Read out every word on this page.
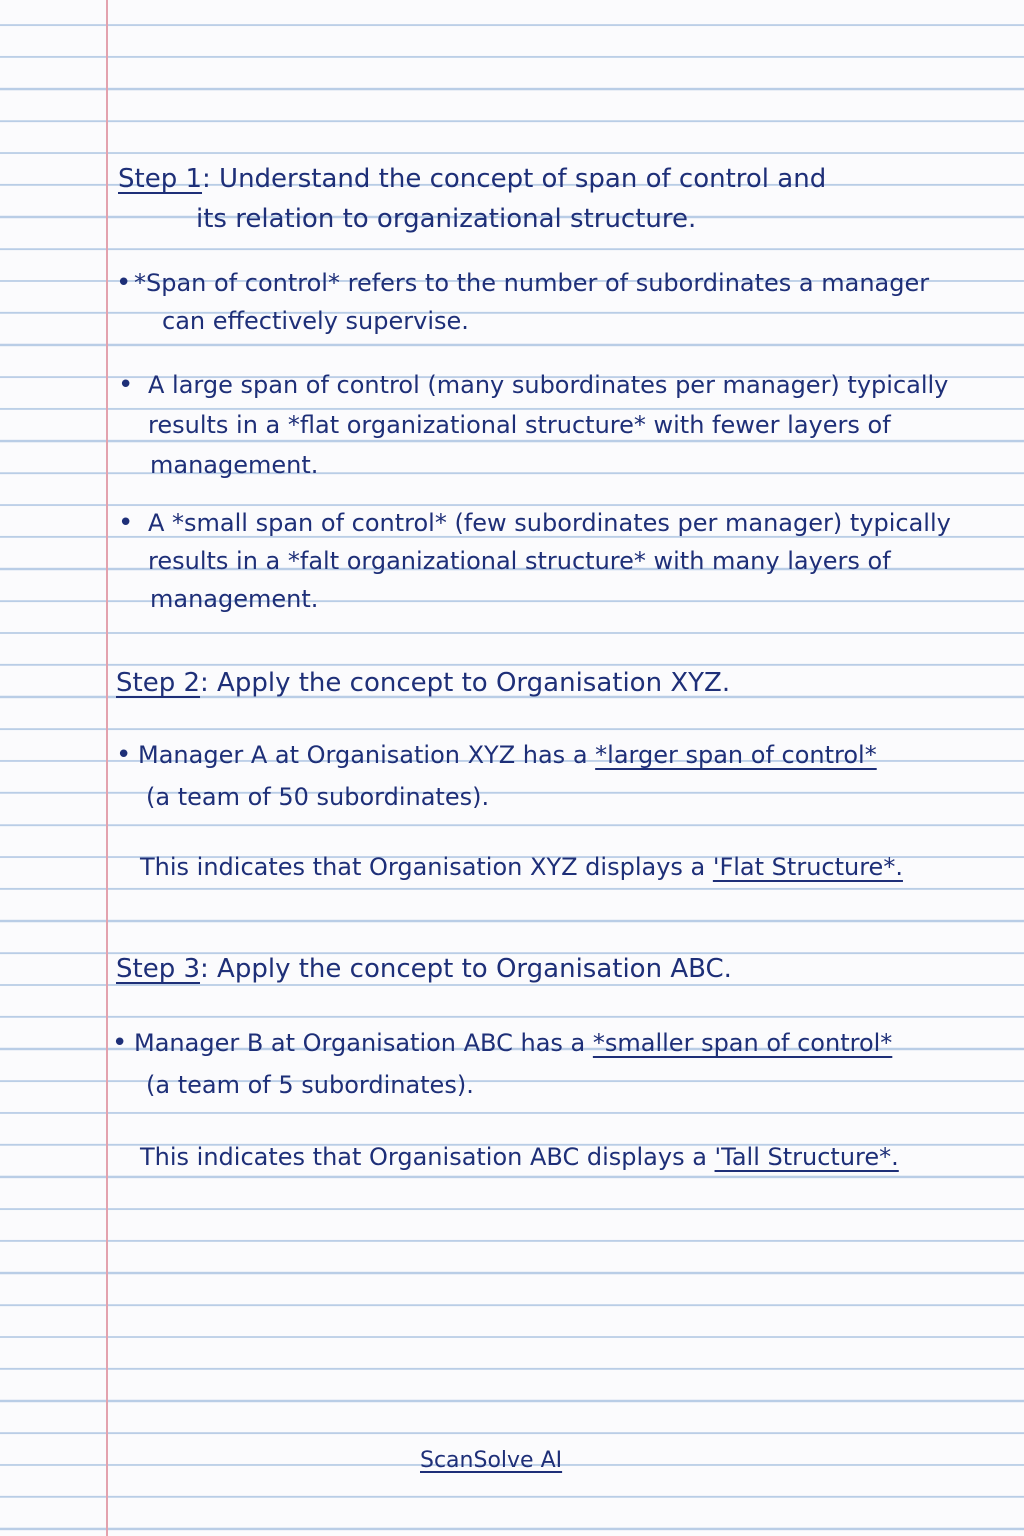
Step 1: Understand the concept of span of control and
its relation to organizational structure.
• *Span of control* refers to the number of subordinates a manager
can effectively supervise.
• A large span of control (many subordinates per manager) typically
results in a *flat organizational structure* with fewer layers of
management.
• A *small span of control* (few subordinates per manager) typically
results in a *falt organizational structure* with many layers of
management.
Step 2: Apply the concept to Organisation XYZ.
• Manager A at Organisation XYZ has a *larger span of control*
(a team of 50 subordinates).
This indicates that Organisation XYZ displays a 'Flat Structure*.
Step 3: Apply the concept to Organisation ABC.
• Manager B at Organisation ABC has a *smaller span of control*
(a team of 5 subordinates).
This indicates that Organisation ABC displays a 'Tall Structure*.
ScanSolve AI
